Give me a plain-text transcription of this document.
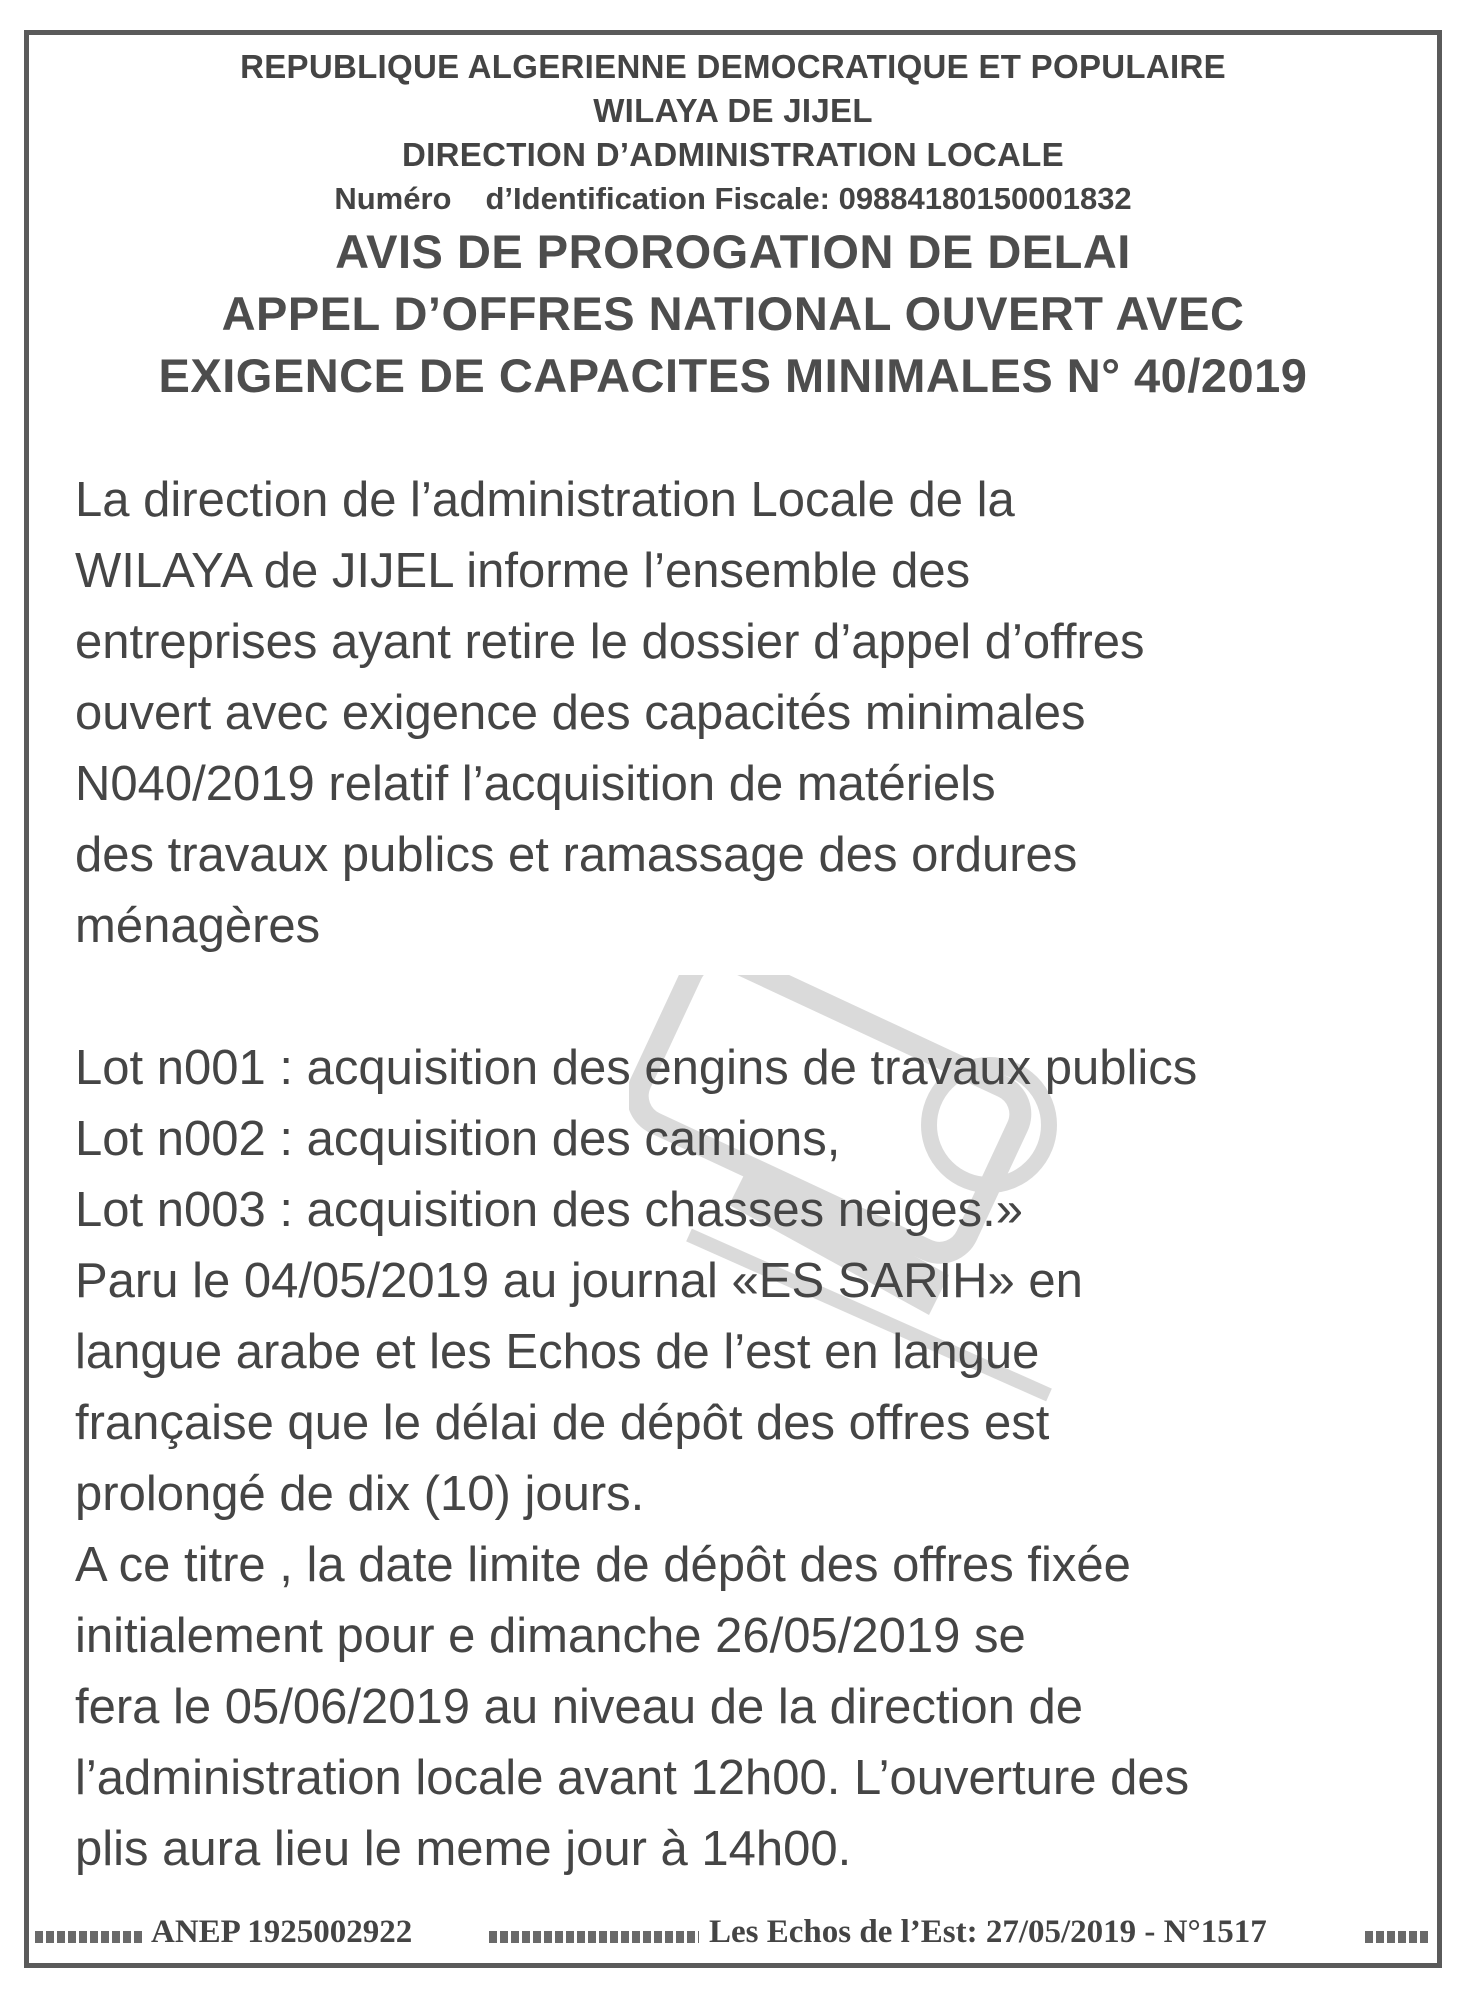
REPUBLIQUE ALGERIENNE DEMOCRATIQUE ET POPULAIRE
WILAYA DE JIJEL
DIRECTION D’ADMINISTRATION LOCALE
Numéro d’Identification Fiscale: 09884180150001832
AVIS DE PROROGATION DE DELAI
APPEL D’OFFRES NATIONAL OUVERT AVEC
EXIGENCE DE CAPACITES MINIMALES N° 40/2019
La direction de l’administration Locale de la
WILAYA de JIJEL informe l’ensemble des
entreprises ayant retire le dossier d’appel d’offres
ouvert avec exigence des capacités minimales
N040/2019 relatif l’acquisition de matériels
des travaux publics et ramassage des ordures
ménagères
Lot n001 : acquisition des engins de travaux publics
Lot n002 : acquisition des camions,
Lot n003 : acquisition des chasses neiges.»
Paru le 04/05/2019 au journal «ES SARIH» en
langue arabe et les Echos de l’est en langue
française que le délai de dépôt des offres est
prolongé de dix (10) jours.
A ce titre , la date limite de dépôt des offres fixée
initialement pour e dimanche 26/05/2019 se
fera le 05/06/2019 au niveau de la direction de
l’administration locale avant 12h00. L’ouverture des
plis aura lieu le meme jour à 14h00.
ANEP 1925002922	Les Echos de l’Est: 27/05/2019 - N°1517
